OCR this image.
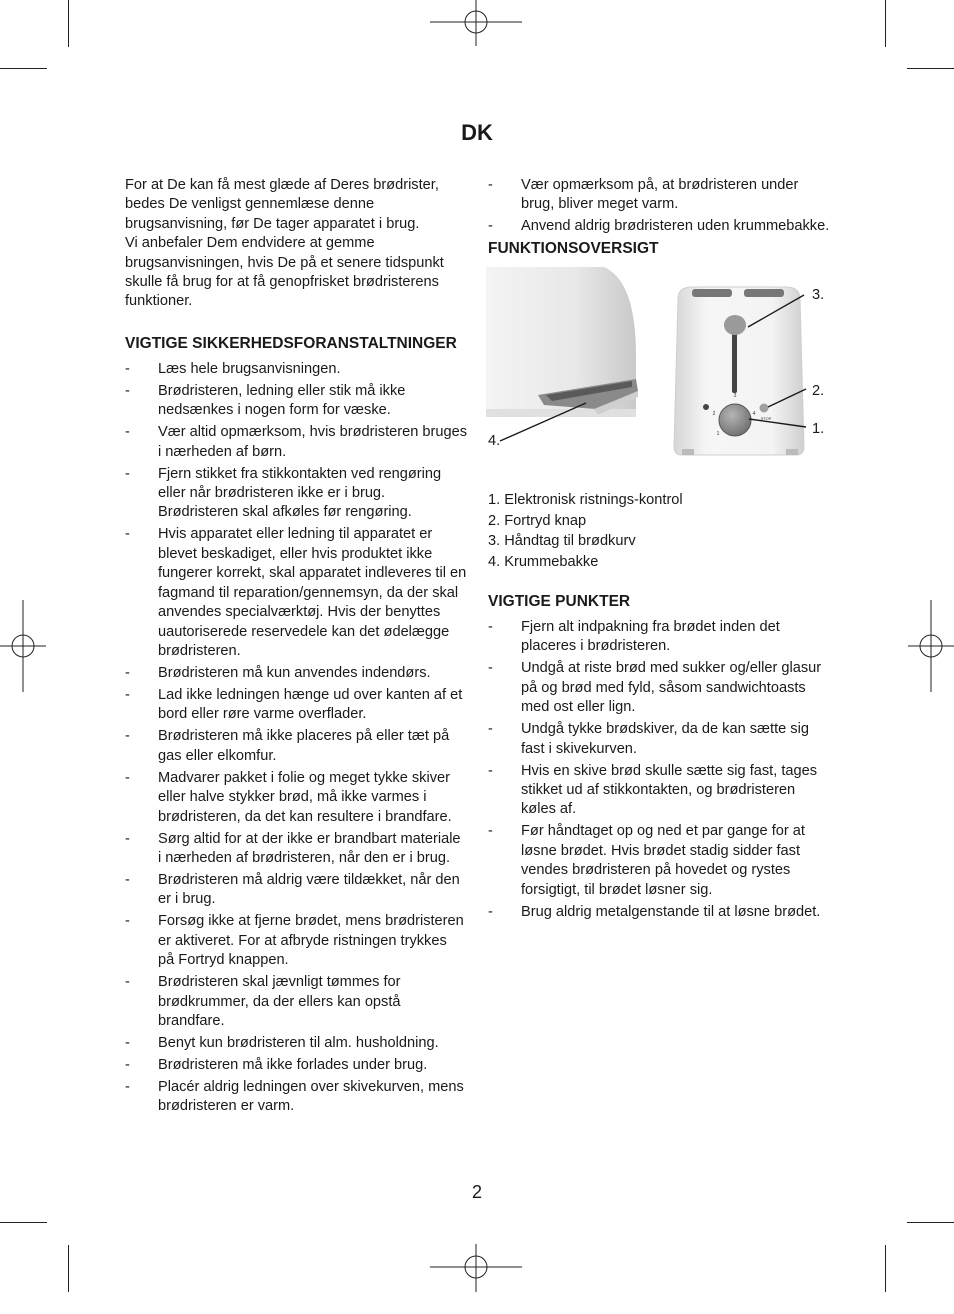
DK

For at De kan få mest glæde af Deres brødrister, bedes De venligst gennemlæse denne brugsanvisning, før De tager apparatet i brug.

Vi anbefaler Dem endvidere at gemme brugsanvisningen, hvis De på et senere tidspunkt skulle få brug for at få genopfrisket brødristerens funktioner.

VIGTIGE SIKKERHEDSFORANSTALTNINGER
- Læs hele brugsanvisningen.
- Brødristeren, ledning eller stik må ikke nedsænkes i nogen form for væske.
- Vær altid opmærksom, hvis brødristeren bruges i nærheden af børn.
- Fjern stikket fra stikkontakten ved rengøring eller når brødristeren ikke er i brug. Brødristeren skal afkøles før rengøring.
- Hvis apparatet eller ledning til apparatet er blevet beskadiget, eller hvis produktet ikke fungerer korrekt, skal apparatet indleveres til en fagmand til reparation/gennemsyn, da der skal anvendes specialværktøj. Hvis der benyttes uautoriserede reservedele kan det ødelægge brødristeren.
- Brødristeren må kun anvendes indendørs.
- Lad ikke ledningen hænge ud over kanten af et bord eller røre varme overflader.
- Brødristeren må ikke placeres på eller tæt på gas eller elkomfur.
- Madvarer pakket i folie og meget tykke skiver eller halve stykker brød, må ikke varmes i brødristeren, da det kan resultere i brandfare.
- Sørg altid for at der ikke er brandbart materiale i nærheden af brødristeren, når den er i brug.
- Brødristeren må aldrig være tildækket, når den er i brug.
- Forsøg ikke at fjerne brødet, mens brødristeren er aktiveret. For at afbryde ristningen trykkes på Fortryd knappen.
- Brødristeren skal jævnligt tømmes for brødkrummer, da der ellers kan opstå brandfare.
- Benyt kun brødristeren til alm. husholdning.
- Brødristeren må ikke forlades under brug.
- Placér aldrig ledningen over skivekurven, mens brødristeren er varm.
- Vær opmærksom på, at brødristeren under brug, bliver meget varm.
- Anvend aldrig brødristeren uden krummebakke.
FUNKTIONSOVERSIGT
3
2
1
4
STOP
3.
2.
1.
4.
1. Elektronisk ristnings-kontrol
2. Fortryd knap
3. Håndtag til brødkurv
4. Krummebakke
VIGTIGE PUNKTER
- Fjern alt indpakning fra brødet inden det placeres i brødristeren.
- Undgå at riste brød med sukker og/eller glasur på og brød med fyld, såsom sandwichtoasts med ost eller lign.
- Undgå tykke brødskiver, da de kan sætte sig fast i skivekurven.
- Hvis en skive brød skulle sætte sig fast, tages stikket ud af stikkontakten, og brødristeren køles af.
- Før håndtaget op og ned et par gange for at løsne brødet. Hvis brødet stadig sidder fast vendes brødristeren på hovedet og rystes forsigtigt, til brødet løsner sig.
- Brug aldrig metalgenstande til at løsne brødet.
2
